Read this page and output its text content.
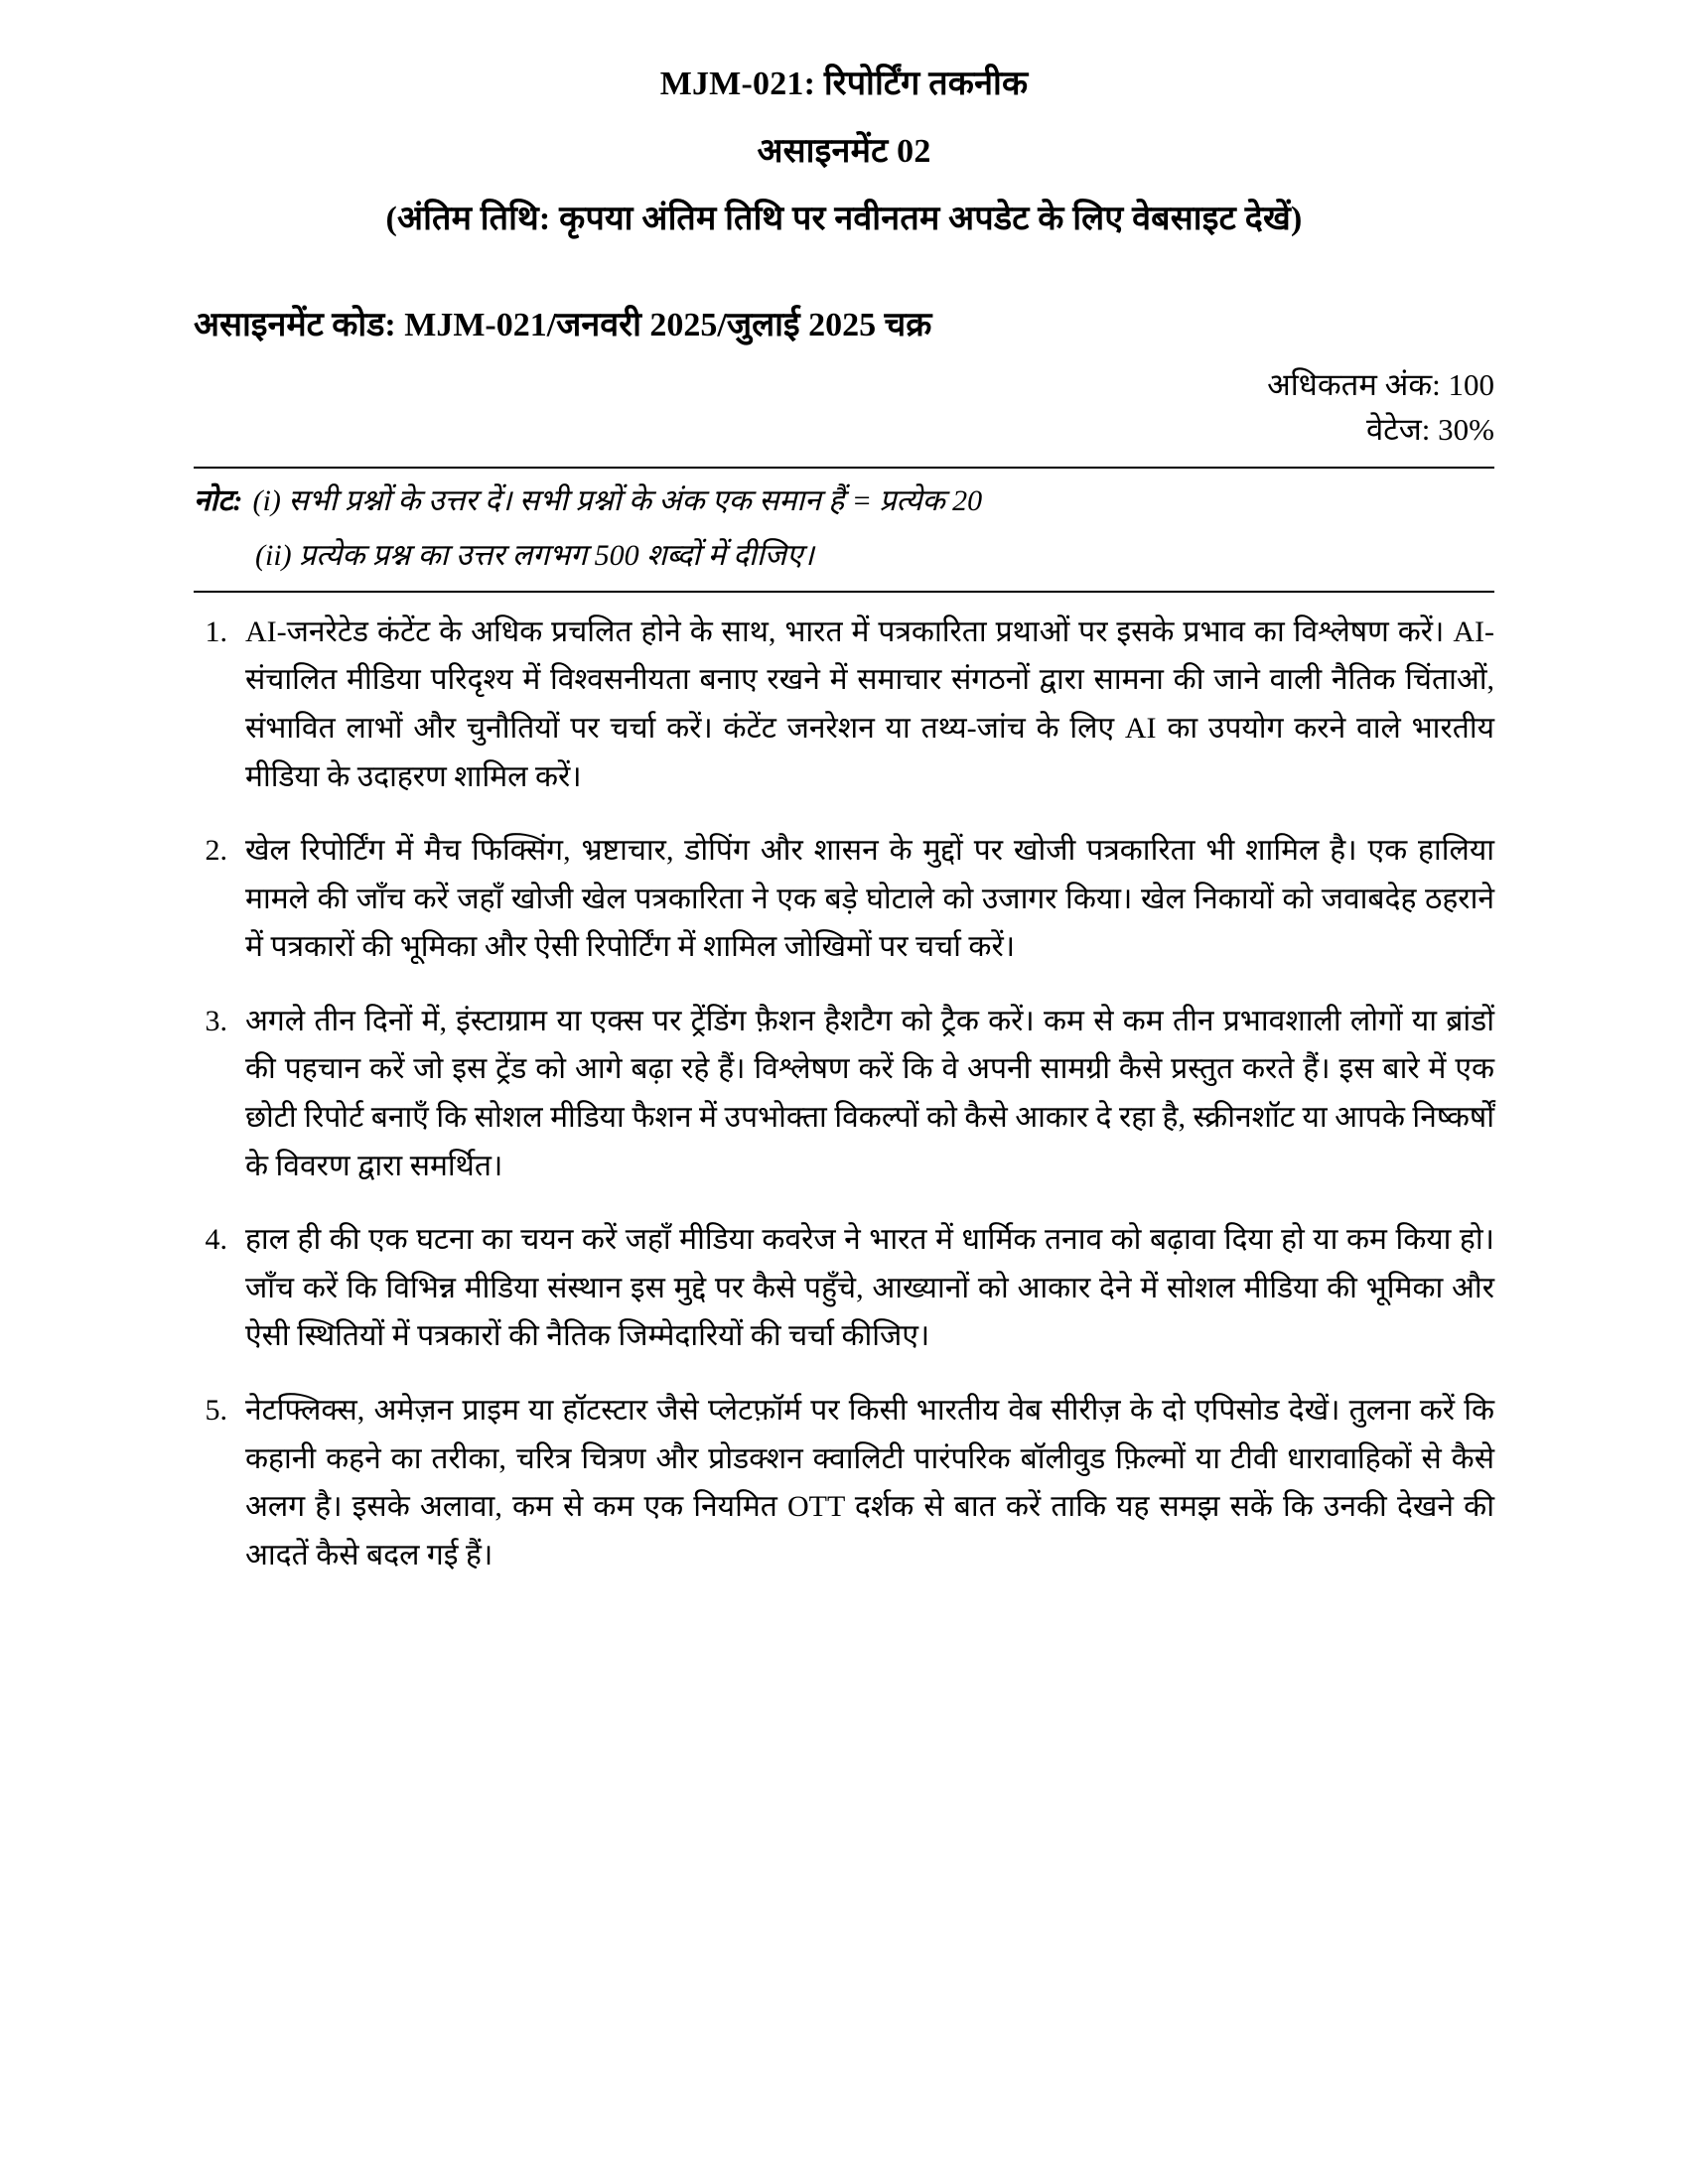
MJM-021: रिपोर्टिंग तकनीक
असाइनमेंट 02
(अंतिम तिथि: कृपया अंतिम तिथि पर नवीनतम अपडेट के लिए वेबसाइट देखें)
असाइनमेंट कोड: MJM-021/जनवरी 2025/जुलाई 2025 चक्र
अधिकतम अंक: 100
वेटेज: 30%
नोट: (i) सभी प्रश्नों के उत्तर दें। सभी प्रश्नों के अंक एक समान हैं = प्रत्येक 20
(ii) प्रत्येक प्रश्न का उत्तर लगभग 500 शब्दों में दीजिए।
1. AI-जनरेटेड कंटेंट के अधिक प्रचलित होने के साथ, भारत में पत्रकारिता प्रथाओं पर इसके प्रभाव का विश्लेषण करें। AI-संचालित मीडिया परिदृश्य में विश्वसनीयता बनाए रखने में समाचार संगठनों द्वारा सामना की जाने वाली नैतिक चिंताओं, संभावित लाभों और चुनौतियों पर चर्चा करें। कंटेंट जनरेशन या तथ्य-जांच के लिए AI का उपयोग करने वाले भारतीय मीडिया के उदाहरण शामिल करें।
2. खेल रिपोर्टिंग में मैच फिक्सिंग, भ्रष्टाचार, डोपिंग और शासन के मुद्दों पर खोजी पत्रकारिता भी शामिल है। एक हालिया मामले की जाँच करें जहाँ खोजी खेल पत्रकारिता ने एक बड़े घोटाले को उजागर किया। खेल निकायों को जवाबदेह ठहराने में पत्रकारों की भूमिका और ऐसी रिपोर्टिंग में शामिल जोखिमों पर चर्चा करें।
3. अगले तीन दिनों में, इंस्टाग्राम या एक्स पर ट्रेंडिंग फ़ैशन हैशटैग को ट्रैक करें। कम से कम तीन प्रभावशाली लोगों या ब्रांडों की पहचान करें जो इस ट्रेंड को आगे बढ़ा रहे हैं। विश्लेषण करें कि वे अपनी सामग्री कैसे प्रस्तुत करते हैं। इस बारे में एक छोटी रिपोर्ट बनाएँ कि सोशल मीडिया फैशन में उपभोक्ता विकल्पों को कैसे आकार दे रहा है, स्क्रीनशॉट या आपके निष्कर्षों के विवरण द्वारा समर्थित।
4. हाल ही की एक घटना का चयन करें जहाँ मीडिया कवरेज ने भारत में धार्मिक तनाव को बढ़ावा दिया हो या कम किया हो। जाँच करें कि विभिन्न मीडिया संस्थान इस मुद्दे पर कैसे पहुँचे, आख्यानों को आकार देने में सोशल मीडिया की भूमिका और ऐसी स्थितियों में पत्रकारों की नैतिक जिम्मेदारियों की चर्चा कीजिए।
5. नेटफ्लिक्स, अमेज़न प्राइम या हॉटस्टार जैसे प्लेटफ़ॉर्म पर किसी भारतीय वेब सीरीज़ के दो एपिसोड देखें। तुलना करें कि कहानी कहने का तरीका, चरित्र चित्रण और प्रोडक्शन क्वालिटी पारंपरिक बॉलीवुड फ़िल्मों या टीवी धारावाहिकों से कैसे अलग है। इसके अलावा, कम से कम एक नियमित OTT दर्शक से बात करें ताकि यह समझ सकें कि उनकी देखने की आदतें कैसे बदल गई हैं।
